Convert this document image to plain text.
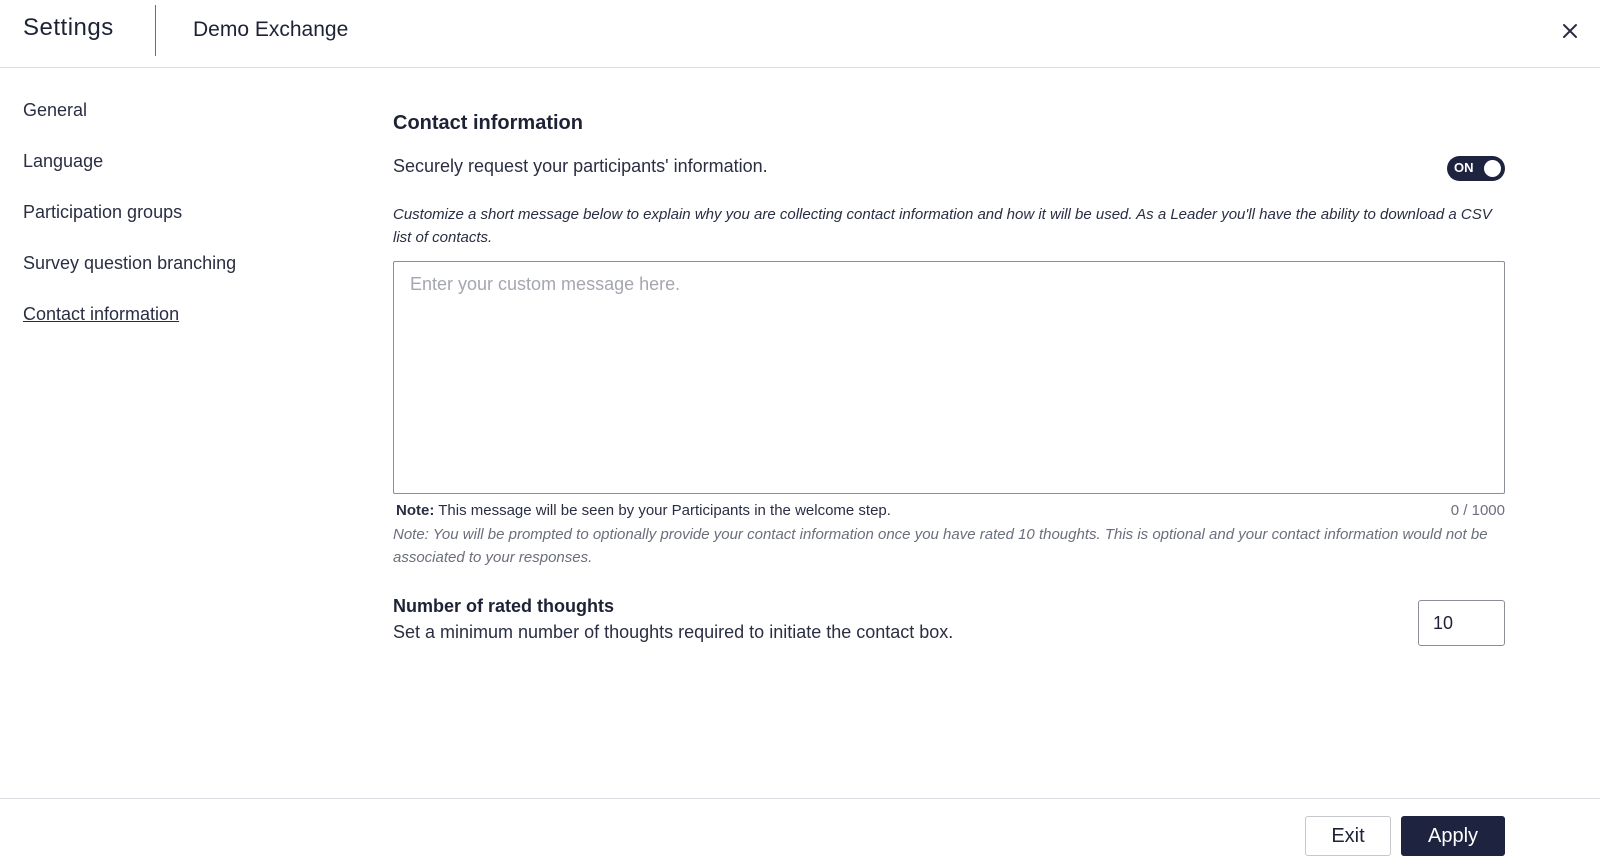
Settings	Demo Exchange
General
Language
Participation groups
Survey question branching
Contact information
Contact information
Securely request your participants' information.	ON
Customize a short message below to explain why you are collecting contact information and how it will be used. As a Leader you'll have the ability to download a CSV list of contacts.
Enter your custom message here.
Note: This message will be seen by your Participants in the welcome step.	0 / 1000
Note: You will be prompted to optionally provide your contact information once you have rated 10 thoughts. This is optional and your contact information would not be associated to your responses.
Number of rated thoughts
Set a minimum number of thoughts required to initiate the contact box.
10
Exit	Apply
